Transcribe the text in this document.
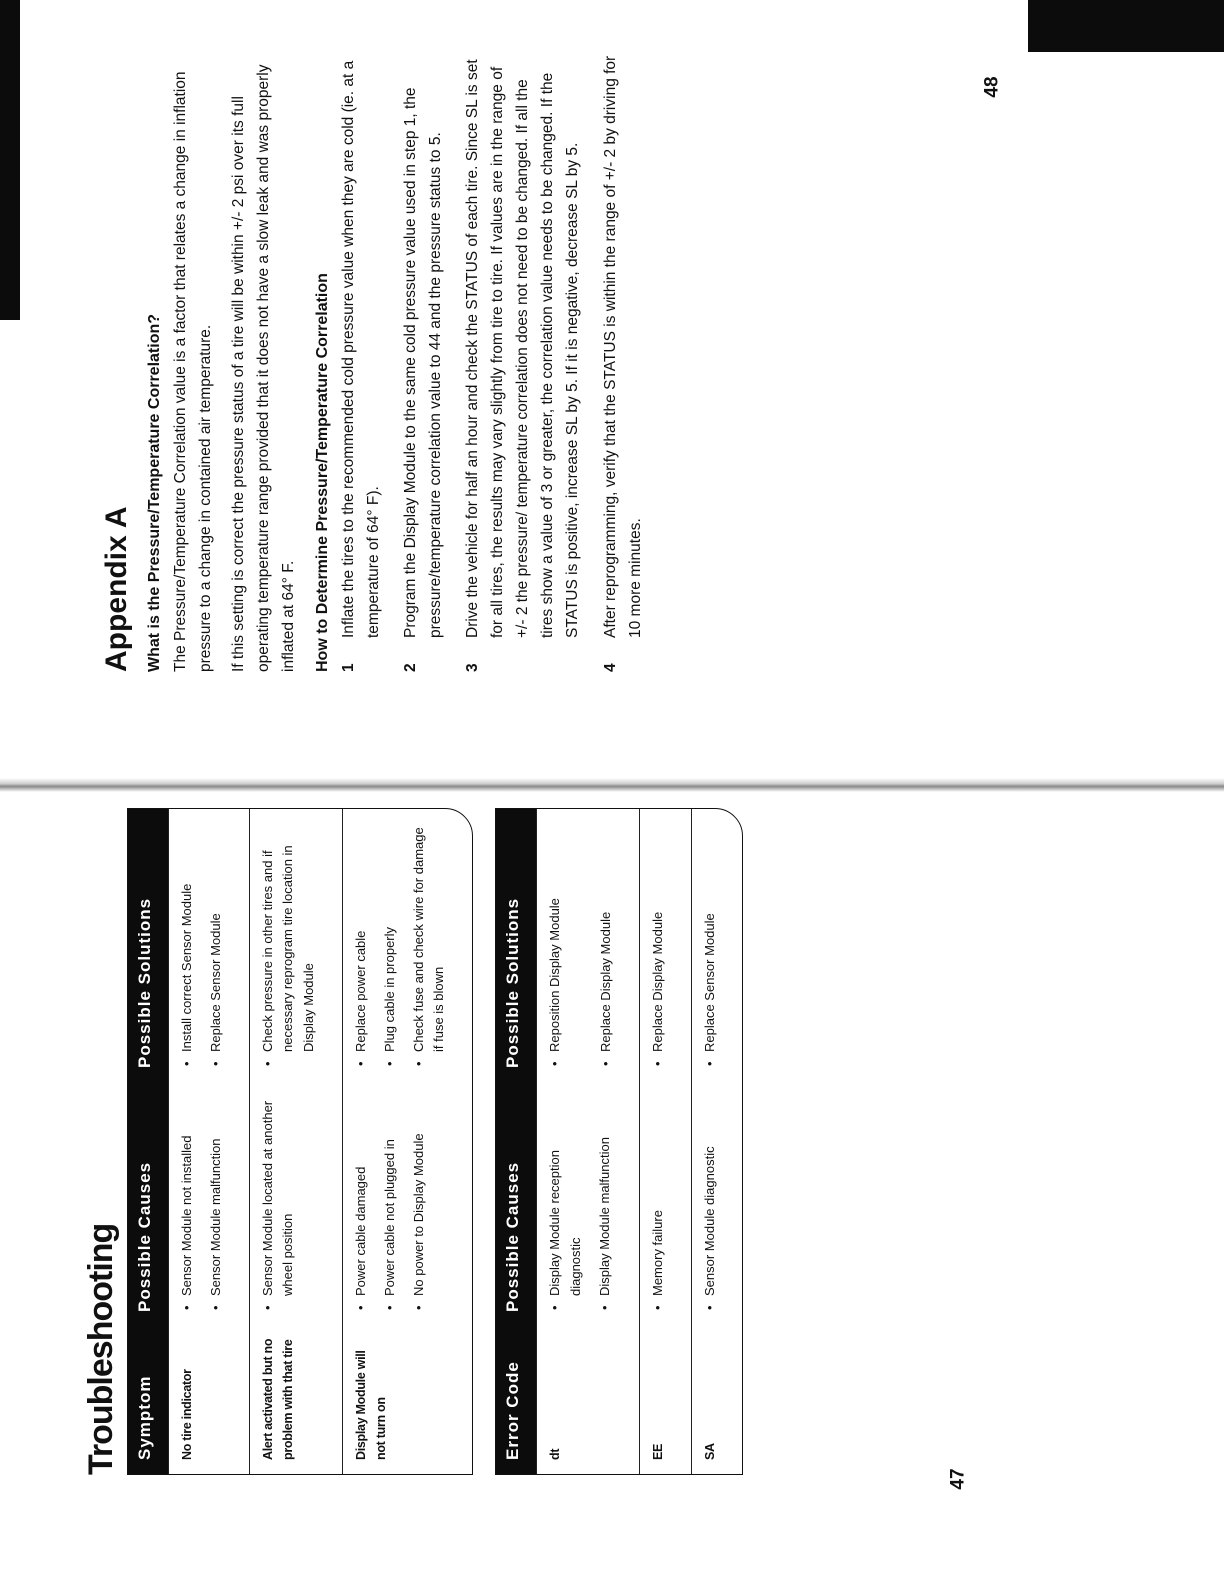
47
48
Troubleshooting Symptom
Possible Causes
Possible Solutions
No tire indicator
• Sensor Module not installed • Sensor Module malfunction
• Install correct Sensor Module • Replace Sensor Module
Alert activated but no problem with that tire
• Sensor Module located at another wheel position
• Check pressure in other tires and if necessary reprogram tire location in Display Module
Display Module will not turn on
• Power cable damaged • Power cable not plugged in • No power to Display Module
• Replace power cable • Plug cable in properly • Check fuse and check wire for damage if fuse is blown
Error Code
Possible Causes
Possible Solutions
dt
• Display Module reception diagnostic • Display Module malfunction
• Reposition Display Module	• Replace Display Module
EE
• Memory failure
• Replace Display Module
SA
• Sensor Module diagnostic
• Replace Sensor Module
Appendix A What is the Pressure/Temperature Correlation? The Pressure/Temperature Correlation value is a factor that relates a change in inflation pressure to a change in contained air temperature. If this setting is correct the pressure status of a tire will be within +/- 2 psi over its full operating temperature range provided that it does not have a slow leak and was properly inflated at 64° F. How to Determine Pressure/Temperature Correlation 1
Inflate the tires to the recommended cold pressure value when they are cold (ie. at a temperature of 64° F).
2
Program the Display Module to the same cold pressure value used in step 1, the pressure/temperature correlation value to 44 and the pressure status to 5.
3
Drive the vehicle for half an hour and check the STATUS of each tire. Since SL is set for all tires, the results may vary slightly from tire to tire. If values are in the range of +/- 2 the pressure/ temperature correlation does not need to be changed. If all the tires show a value of 3 or greater, the correlation value needs to be changed. If the STATUS is positive, increase SL by 5. If it is negative, decrease SL by 5.
4
After reprogramming, verify that the STATUS is within the range of +/- 2 by driving for 10 more minutes.
